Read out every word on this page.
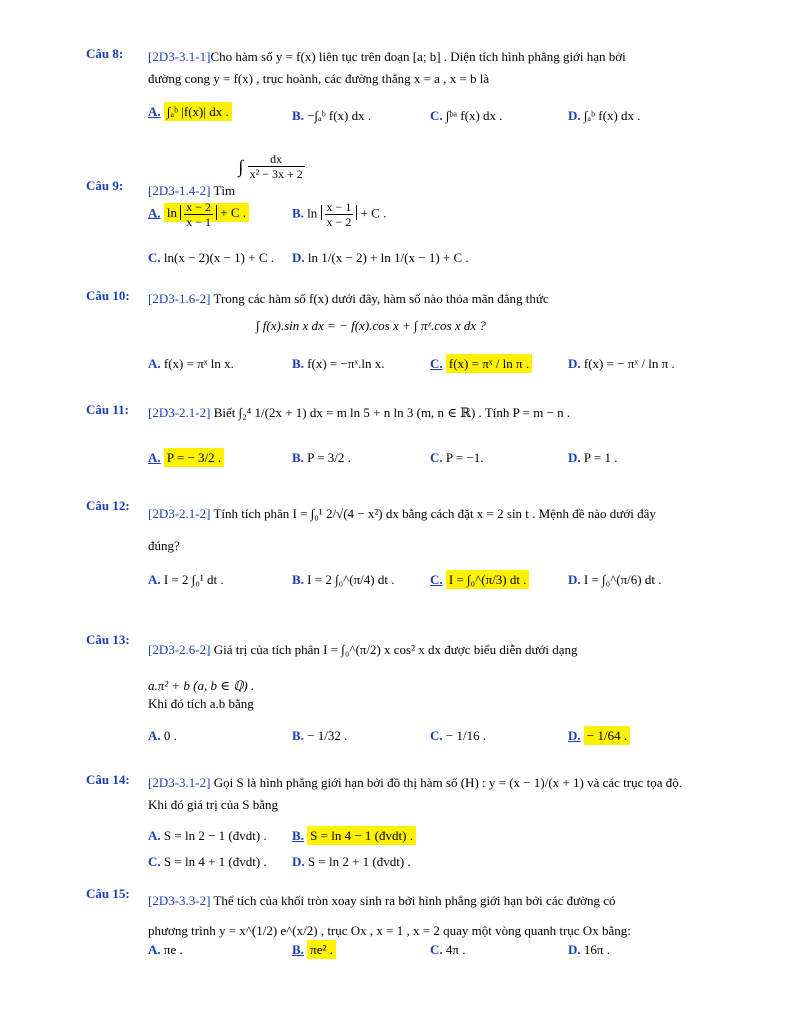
Câu 8: [2D3-3.1-1]Cho hàm số y = f(x) liên tục trên đoạn [a; b] . Diện tích hình phẳng giới hạn bởi
đường cong y = f(x) , trục hoành, các đường thẳng x = a , x = b là
A. ∫ₐᵇ |f(x)| dx .	B. −∫ₐᵇ f(x) dx .	C. ∫ᵇᵃ f(x) dx .	D. ∫ₐᵇ f(x) dx .
Câu 9: [2D3-1.4-2] Tìm ∫ $\frac{dx}{\text{x² − 3x + 2}}$
A. $\ln \frac{x - 2}{x - 1} + C$ .	B. $\ln \frac{x - 1}{x - 2} + C$ .
C. ln(x − 2)(x − 1) + C . D. ln 1/(x − 2) + ln 1/(x − 1) + C .
Câu 10: [2D3-1.6-2] Trong các hàm số f(x) dưới đây, hàm số nào thỏa mãn đẳng thức
∫ f(x).sin x dx = − f(x).cos x + ∫ πˣ.cos x dx ?
A. f(x) = πˣ ln x.	B. f(x) = −πˣ.ln x.	C. f(x) = πˣ / ln π .	D. f(x) = − πˣ / ln π .
Câu 11: [2D3-2.1-2] Biết ∫₂⁴ 1/(2x + 1) dx = m ln 5 + n ln 3 (m, n ∈ ℝ) . Tính P = m − n .
A. P = − 3/2 .	B. P = 3/2 .	C. P = −1.	D. P = 1 .
Câu 12:
[2D3-2.1-2] Tính tích phân I = ∫₀¹ 2/√(4 − x²) dx bằng cách đặt x = 2 sin t . Mệnh đề nào dưới đây
đúng?
A. I = 2 ∫₀¹ dt .	B. I = 2 ∫₀^(π/4) dt .	C. I = ∫₀^(π/3) dt .	D. I = ∫₀^(π/6) dt .
Câu 13:
[2D3-2.6-2] Giá trị của tích phân I = ∫₀^(π/2) x cos² x dx được biểu diễn dưới dạng
a.π² + b (a, b ∈ ℚ) .
Khi đó tích a.b bằng
A. 0 .	B. − 1/32 .	C. − 1/16 .	D. − 1/64 .
Câu 14: [2D3-3.1-2] Gọi S là hình phẳng giới hạn bởi đồ thị hàm số (H) : y = (x − 1)/(x + 1) và các trục tọa độ.
Khi đó giá trị của S bằng
A. S = ln 2 − 1 (đvdt) . B. S = ln 4 − 1 (đvdt) .
C. S = ln 4 + 1 (đvdt) . D. S = ln 2 + 1 (đvdt) .
Câu 15: [2D3-3.3-2] Thể tích của khối tròn xoay sinh ra bởi hình phẳng giới hạn bởi các đường có
phương trình y = x^(1/2) e^(x/2) , trục Ox , x = 1 , x = 2 quay một vòng quanh trục Ox bằng:
A. πe .	B. πe² .	C. 4π .	D. 16π .
